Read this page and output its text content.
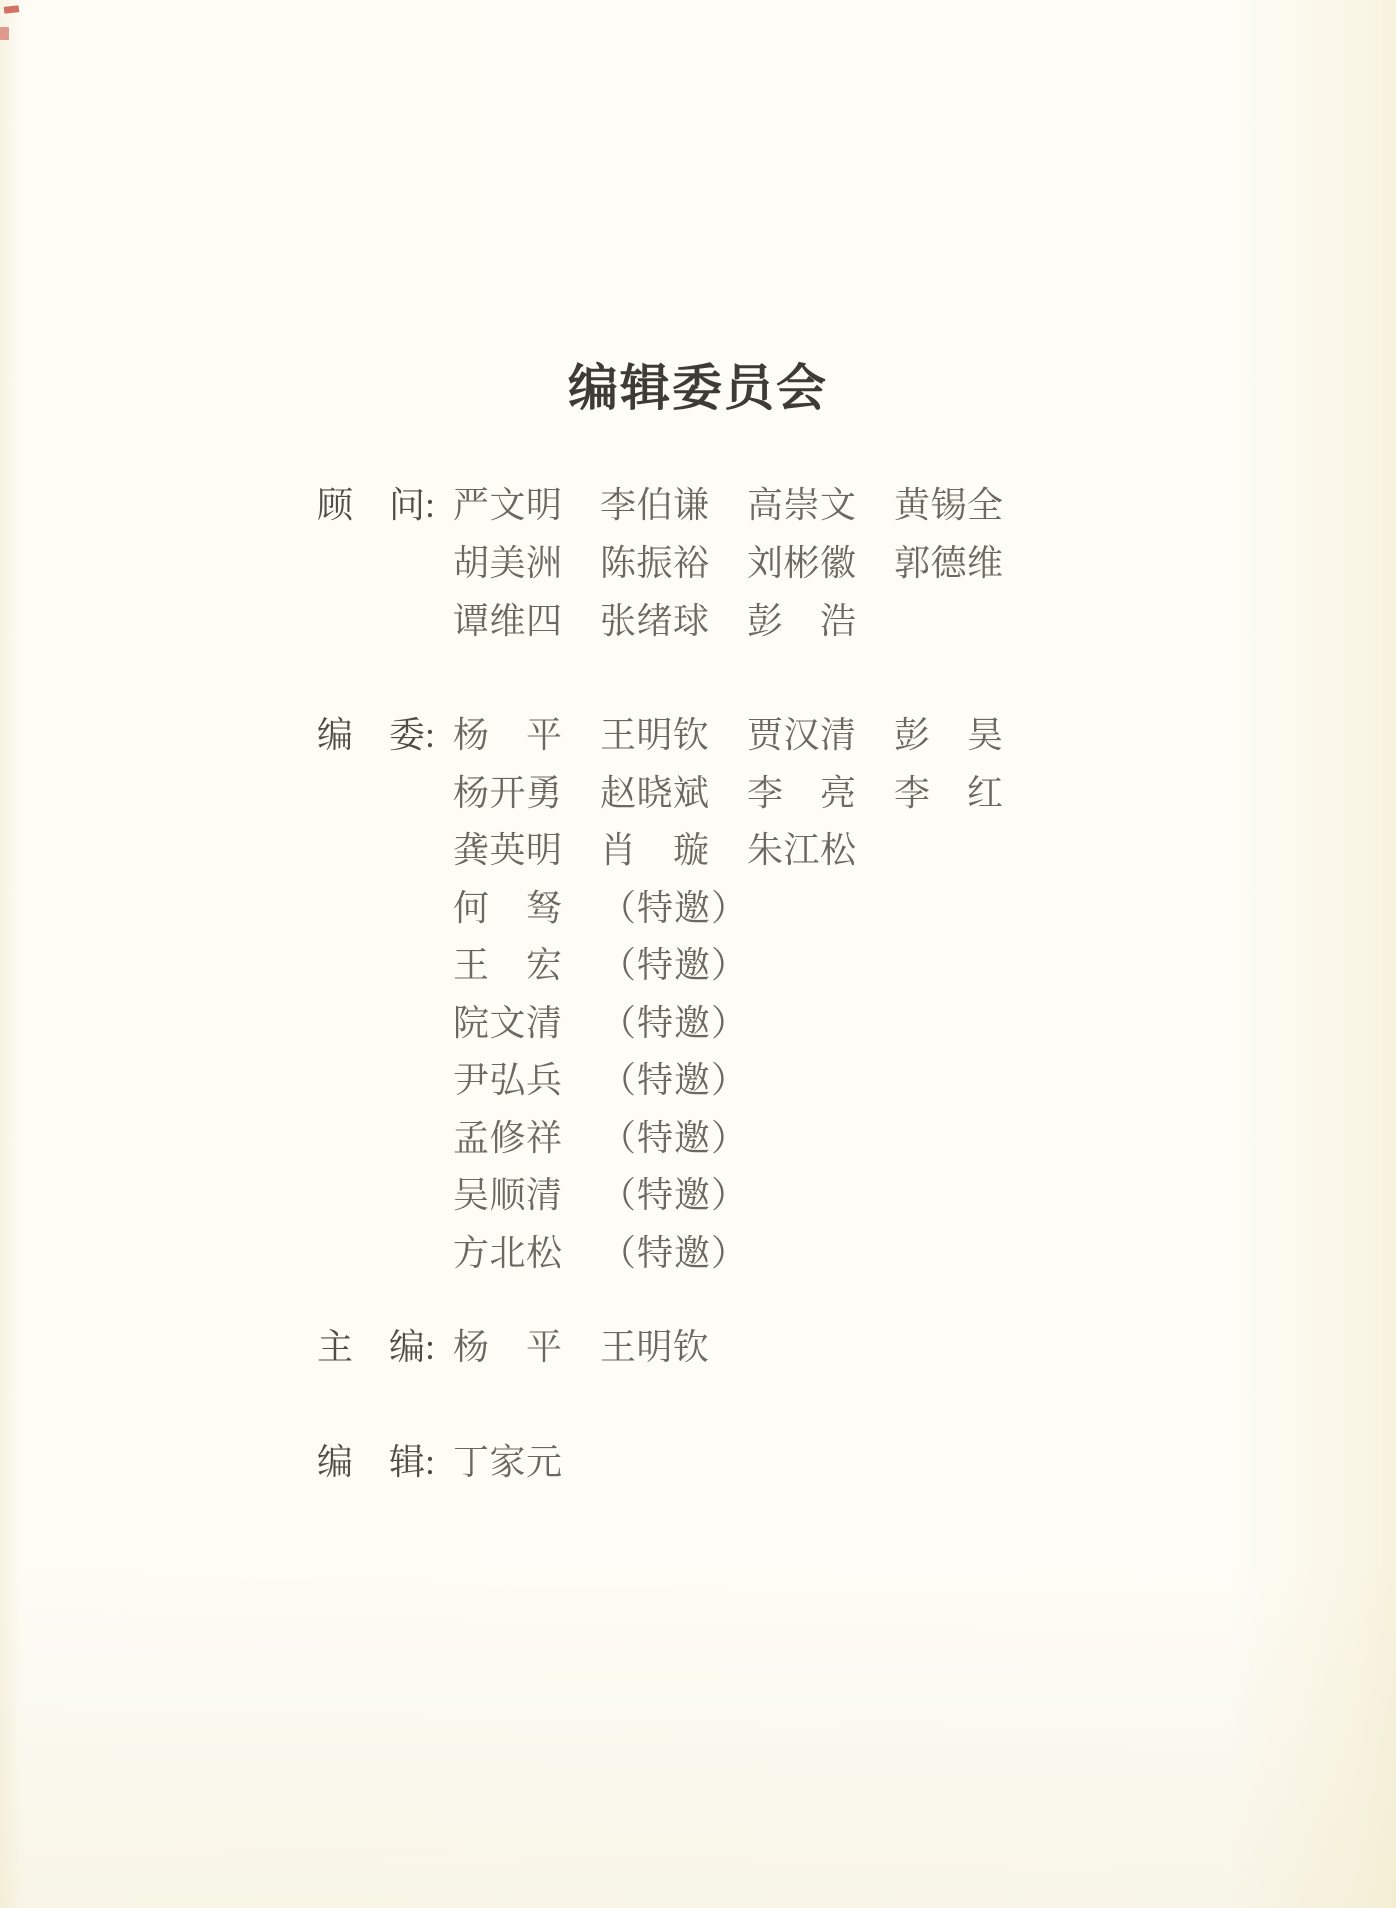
编辑委员会
顾　问: 严文明 李伯谦 高崇文 黄锡全
胡美洲 陈振裕 刘彬徽 郭德维
谭维四 张绪球 彭　浩
编　委: 杨　平 王明钦 贾汉清 彭　昊
杨开勇 赵晓斌 李　亮 李　红
龚英明 肖　璇 朱江松
何　驽 （特邀）
王　宏 （特邀）
院文清 （特邀）
尹弘兵 （特邀）
孟修祥 （特邀）
吴顺清 （特邀）
方北松 （特邀）
主　编: 杨　平 王明钦
编　辑: 丁家元
